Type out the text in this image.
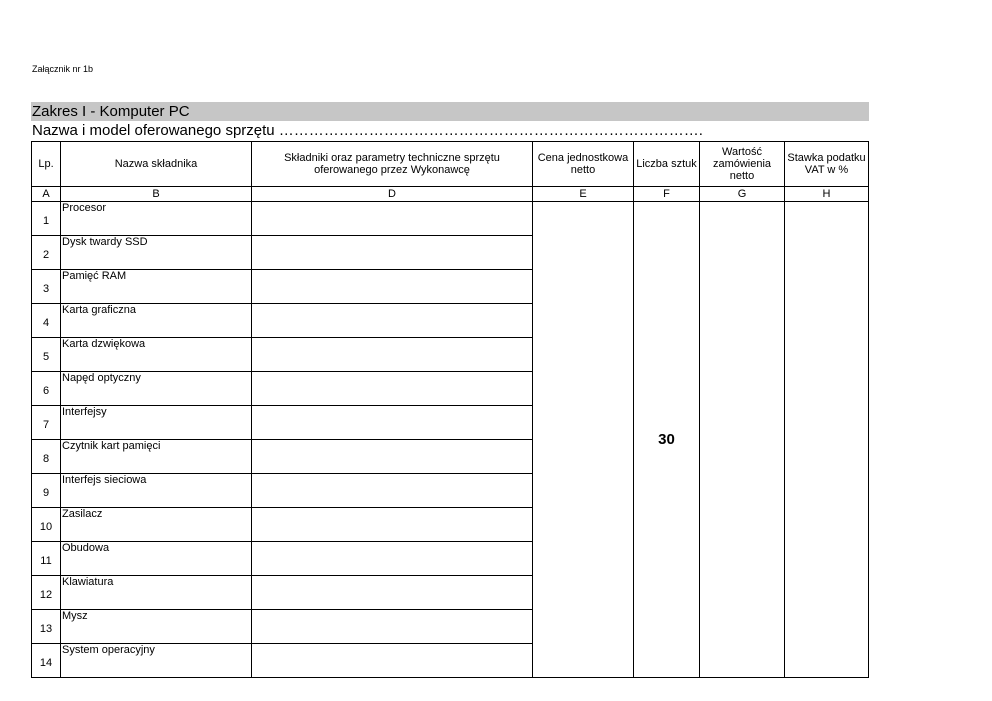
Załącznik nr 1b
Zakres I - Komputer PC
Nazwa i model oferowanego sprzętu ………………………………………………………………………….
Lp.	Nazwa składnika	Składniki oraz parametry techniczne sprzętu oferowanego przez Wykonawcę	Cena jednostkowa netto	Liczba sztuk	Wartość zamówienia netto	Stawka podatku VAT w %
A	B	D	E	F	G	H
1	Procesor			30		
2	Dysk twardy SSD					
3	Pamięć RAM					
4	Karta graficzna					
5	Karta dzwiękowa					
6	Napęd optyczny					
7	Interfejsy					
8	Czytnik kart pamięci					
9	Interfejs sieciowa					
10	Zasilacz					
11	Obudowa					
12	Klawiatura					
13	Mysz					
14	System operacyjny					
